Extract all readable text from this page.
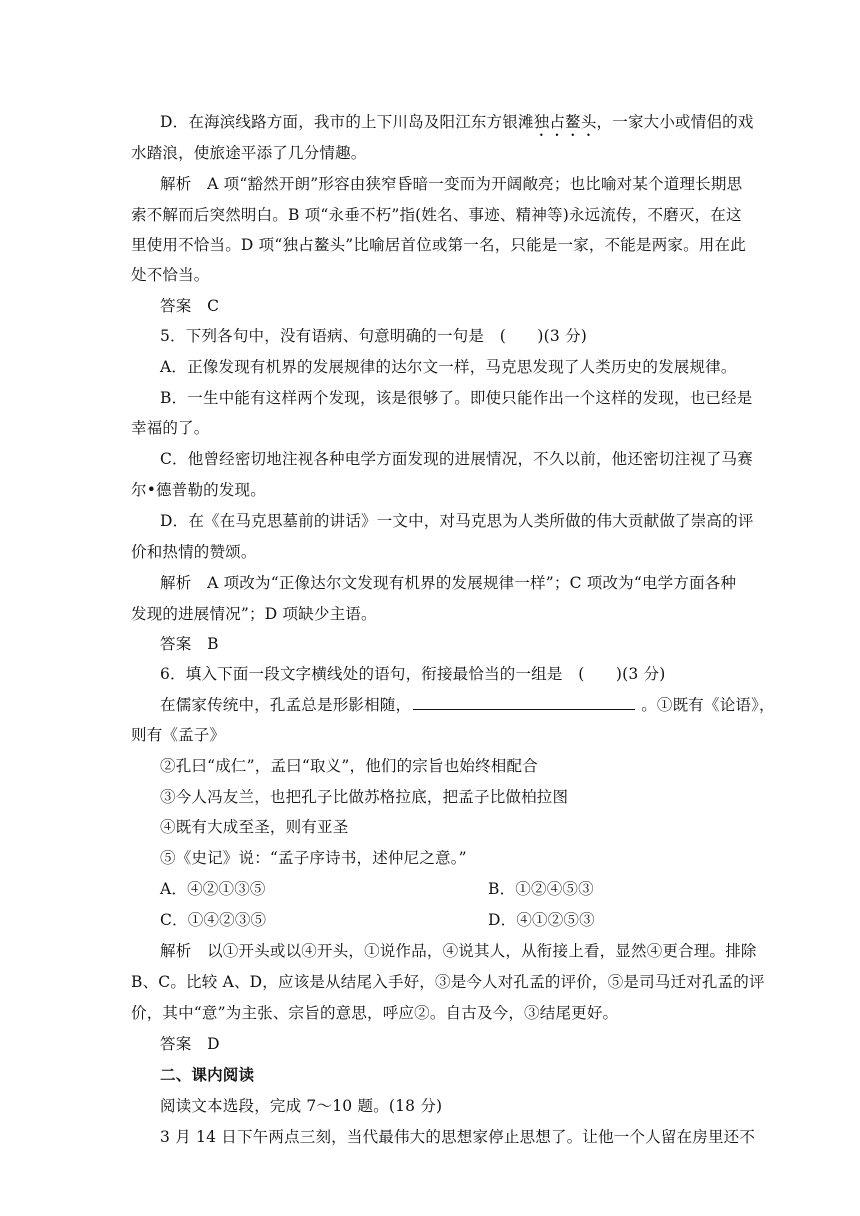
D．在海滨线路方面，我市的上下川岛及阳江东方银滩独占鳌头，一家大小或情侣的戏
水踏浪，使旅途平添了几分情趣。
解析　A 项“豁然开朗”形容由狭窄昏暗一变而为开阔敞亮；也比喻对某个道理长期思
索不解而后突然明白。B 项“永垂不朽”指(姓名、事迹、精神等)永远流传，不磨灭，在这
里使用不恰当。D 项“独占鳌头”比喻居首位或第一名，只能是一家，不能是两家。用在此
处不恰当。
答案　C
5．下列各句中，没有语病、句意明确的一句是　(　　)(3 分)
A．正像发现有机界的发展规律的达尔文一样，马克思发现了人类历史的发展规律。
B．一生中能有这样两个发现，该是很够了。即使只能作出一个这样的发现，也已经是
幸福的了。
C．他曾经密切地注视各种电学方面发现的进展情况，不久以前，他还密切注视了马赛
尔•德普勒的发现。
D．在《在马克思墓前的讲话》一文中，对马克思为人类所做的伟大贡献做了崇高的评
价和热情的赞颂。
解析　A 项改为“正像达尔文发现有机界的发展规律一样”；C 项改为“电学方面各种
发现的进展情况”；D 项缺少主语。
答案　B
6．填入下面一段文字横线处的语句，衔接最恰当的一组是　(　　)(3 分)
在儒家传统中，孔孟总是形影相随，	。①既有《论语》，
则有《孟子》
②孔曰“成仁”，孟曰“取义”，他们的宗旨也始终相配合
③今人冯友兰，也把孔子比做苏格拉底，把孟子比做柏拉图
④既有大成至圣，则有亚圣
⑤《史记》说：“孟子序诗书，述仲尼之意。”
A．④②①③⑤	B．①②④⑤③
C．①④②③⑤	D．④①②⑤③
解析　以①开头或以④开头，①说作品，④说其人，从衔接上看，显然④更合理。排除
B、C。比较 A、D，应该是从结尾入手好，③是今人对孔孟的评价，⑤是司马迁对孔孟的评
价，其中“意”为主张、宗旨的意思，呼应②。自古及今，③结尾更好。
答案　D
二、课内阅读
阅读文本选段，完成 7～10 题。(18 分)
3 月 14 日下午两点三刻，当代最伟大的思想家停止思想了。让他一个人留在房里还不
